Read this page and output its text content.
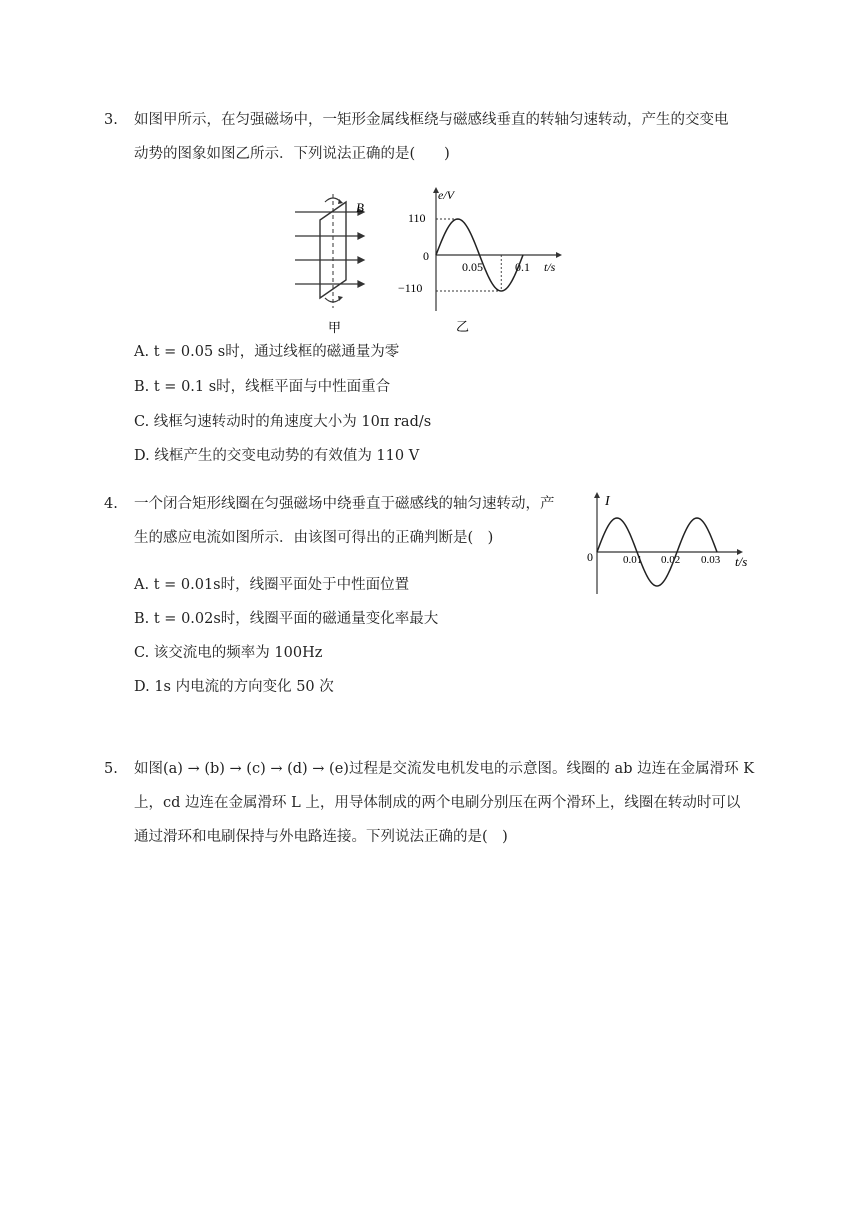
3. 如图甲所示，在匀强磁场中，一矩形金属线框绕与磁感线垂直的转轴匀速转动，产生的交变电
动势的图象如图乙所示．下列说法正确的是(　　)
B
甲
e/V
110
0
−110
0.05	0.1 t/s
乙
A. t = 0.05 s时，通过线框的磁通量为零
B. t = 0.1 s时，线框平面与中性面重合
C. 线框匀速转动时的角速度大小为 10π rad/s
D. 线框产生的交变电动势的有效值为 110 V
4. 一个闭合矩形线圈在匀强磁场中绕垂直于磁感线的轴匀速转动，产
生的感应电流如图所示．由该图可得出的正确判断是(　)
I
0	0.01 0.02 0.03 t/s
A. t = 0.01s时，线圈平面处于中性面位置
B. t = 0.02s时，线圈平面的磁通量变化率最大
C. 该交流电的频率为 100Hz
D. 1s 内电流的方向变化 50 次
5. 如图(a) → (b) → (c) → (d) → (e)过程是交流发电机发电的示意图。线圈的 ab 边连在金属滑环 K
上，cd 边连在金属滑环 L 上，用导体制成的两个电刷分别压在两个滑环上，线圈在转动时可以
通过滑环和电刷保持与外电路连接。下列说法正确的是(　)
